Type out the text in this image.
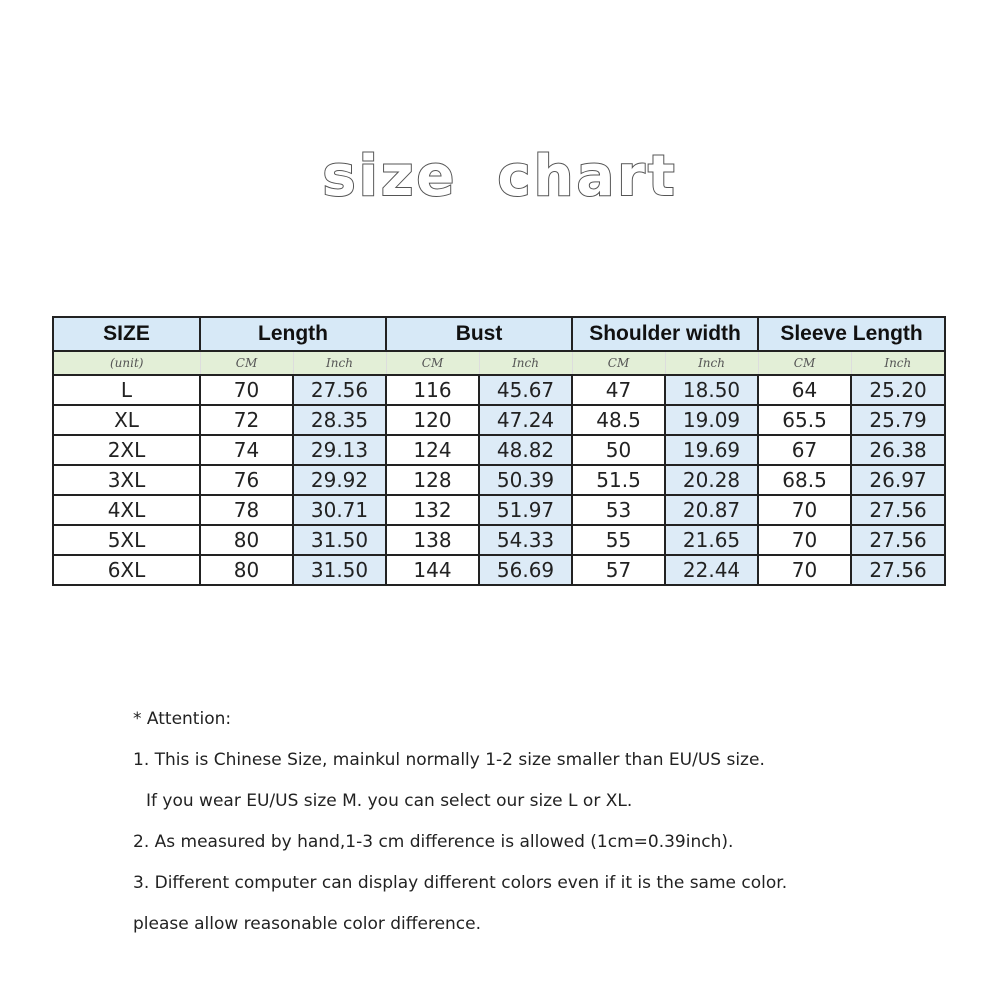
size chart
SIZE	Length		Bust		Shoulder width		Sleeve Length	
(unit)	CM	Inch	CM	Inch	CM	Inch	CM	Inch
L	70	27.56	116	45.67	47	18.50	64	25.20
XL	72	28.35	120	47.24	48.5	19.09	65.5	25.79
2XL	74	29.13	124	48.82	50	19.69	67	26.38
3XL	76	29.92	128	50.39	51.5	20.28	68.5	26.97
4XL	78	30.71	132	51.97	53	20.87	70	27.56
5XL	80	31.50	138	54.33	55	21.65	70	27.56
6XL	80	31.50	144	56.69	57	22.44	70	27.56

* Attention:

1. This is Chinese Size, mainkul normally 1-2 size smaller than EU/US size.

If you wear EU/US size M. you can select our size L or XL.

2. As measured by hand,1-3 cm difference is allowed (1cm=0.39inch).

3. Different computer can display different colors even if it is the same color.

please allow reasonable color difference.
